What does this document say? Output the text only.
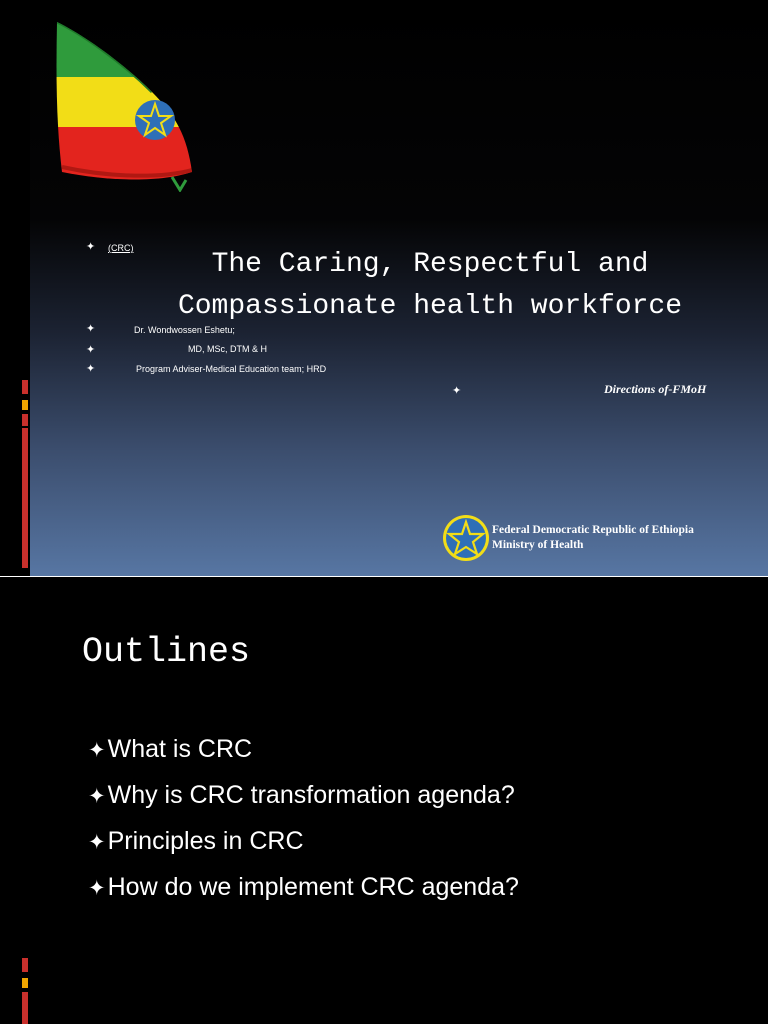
✦ (CRC)
The Caring, Respectful and
Compassionate health workforce
✦	Dr. Wondwossen Eshetu;
✦	MD, MSc, DTM & H
✦	Program Adviser-Medical Education team; HRD
✦	Directions of-FMoH
Federal Democratic Republic of Ethiopia
Ministry of Health
Outlines
✦What is CRC
✦Why is CRC transformation agenda?
✦Principles in CRC
✦How do we implement CRC agenda?
